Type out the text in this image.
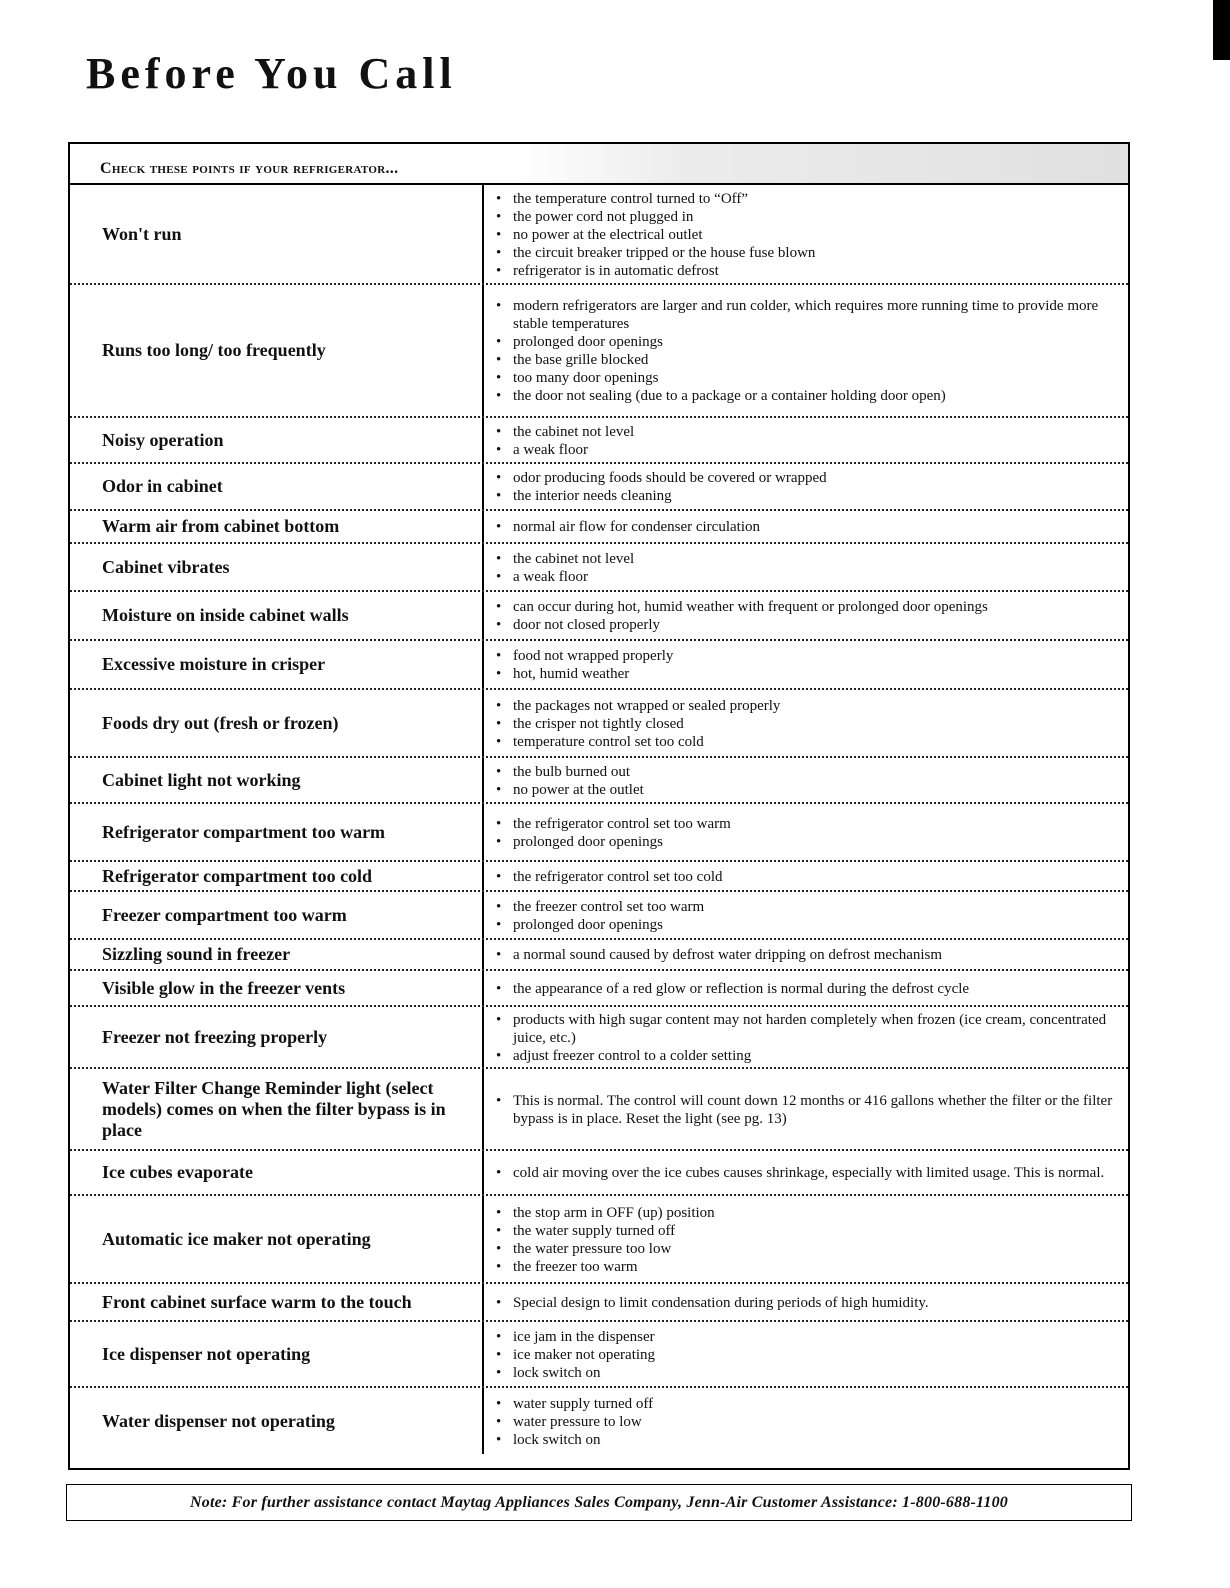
Before You Call
Check these points if your refrigerator...
Won't run
• the temperature control turned to “Off”
• the power cord not plugged in
• no power at the electrical outlet
• the circuit breaker tripped or the house fuse blown
• refrigerator is in automatic defrost
Runs too long/ too frequently
• modern refrigerators are larger and run colder, which requires more running time to provide more stable temperatures
• prolonged door openings
• the base grille blocked
• too many door openings
• the door not sealing (due to a package or a container holding door open)
Noisy operation	• the cabinet not level
• a weak floor
Odor in cabinet	• odor producing foods should be covered or wrapped
• the interior needs cleaning
Warm air from cabinet bottom	• normal air flow for condenser circulation
Cabinet vibrates	• the cabinet not level
• a weak floor
Moisture on inside cabinet walls	• can occur during hot, humid weather with frequent or prolonged door openings
• door not closed properly
Excessive moisture in crisper	• food not wrapped properly
• hot, humid weather
Foods dry out (fresh or frozen)
• the packages not wrapped or sealed properly
• the crisper not tightly closed
• temperature control set too cold
Cabinet light not working	• the bulb burned out
• no power at the outlet
Refrigerator compartment too warm	• the refrigerator control set too warm
• prolonged door openings
Refrigerator compartment too cold	• the refrigerator control set too cold
Freezer compartment too warm	• the freezer control set too warm
• prolonged door openings
Sizzling sound in freezer	• a normal sound caused by defrost water dripping on defrost mechanism
Visible glow in the freezer vents	• the appearance of a red glow or reflection is normal during the defrost cycle
Freezer not freezing properly
• products with high sugar content may not harden completely when frozen (ice cream, concentrated juice, etc.)
• adjust freezer control to a colder setting
Water Filter Change Reminder light (select models) comes on when the filter bypass is in place
• This is normal. The control will count down 12 months or 416 gallons whether the filter or the filter bypass is in place. Reset the light (see pg. 13)
Ice cubes evaporate	• cold air moving over the ice cubes causes shrinkage, especially with limited usage. This is normal.
Automatic ice maker not operating
• the stop arm in OFF (up) position
• the water supply turned off
• the water pressure too low
• the freezer too warm
Front cabinet surface warm to the touch	• Special design to limit condensation during periods of high humidity.
Ice dispenser not operating
• ice jam in the dispenser
• ice maker not operating
• lock switch on
Water dispenser not operating
• water supply turned off
• water pressure to low
• lock switch on
Note: For further assistance contact Maytag Appliances Sales Company, Jenn-Air Customer Assistance: 1-800-688-1100
